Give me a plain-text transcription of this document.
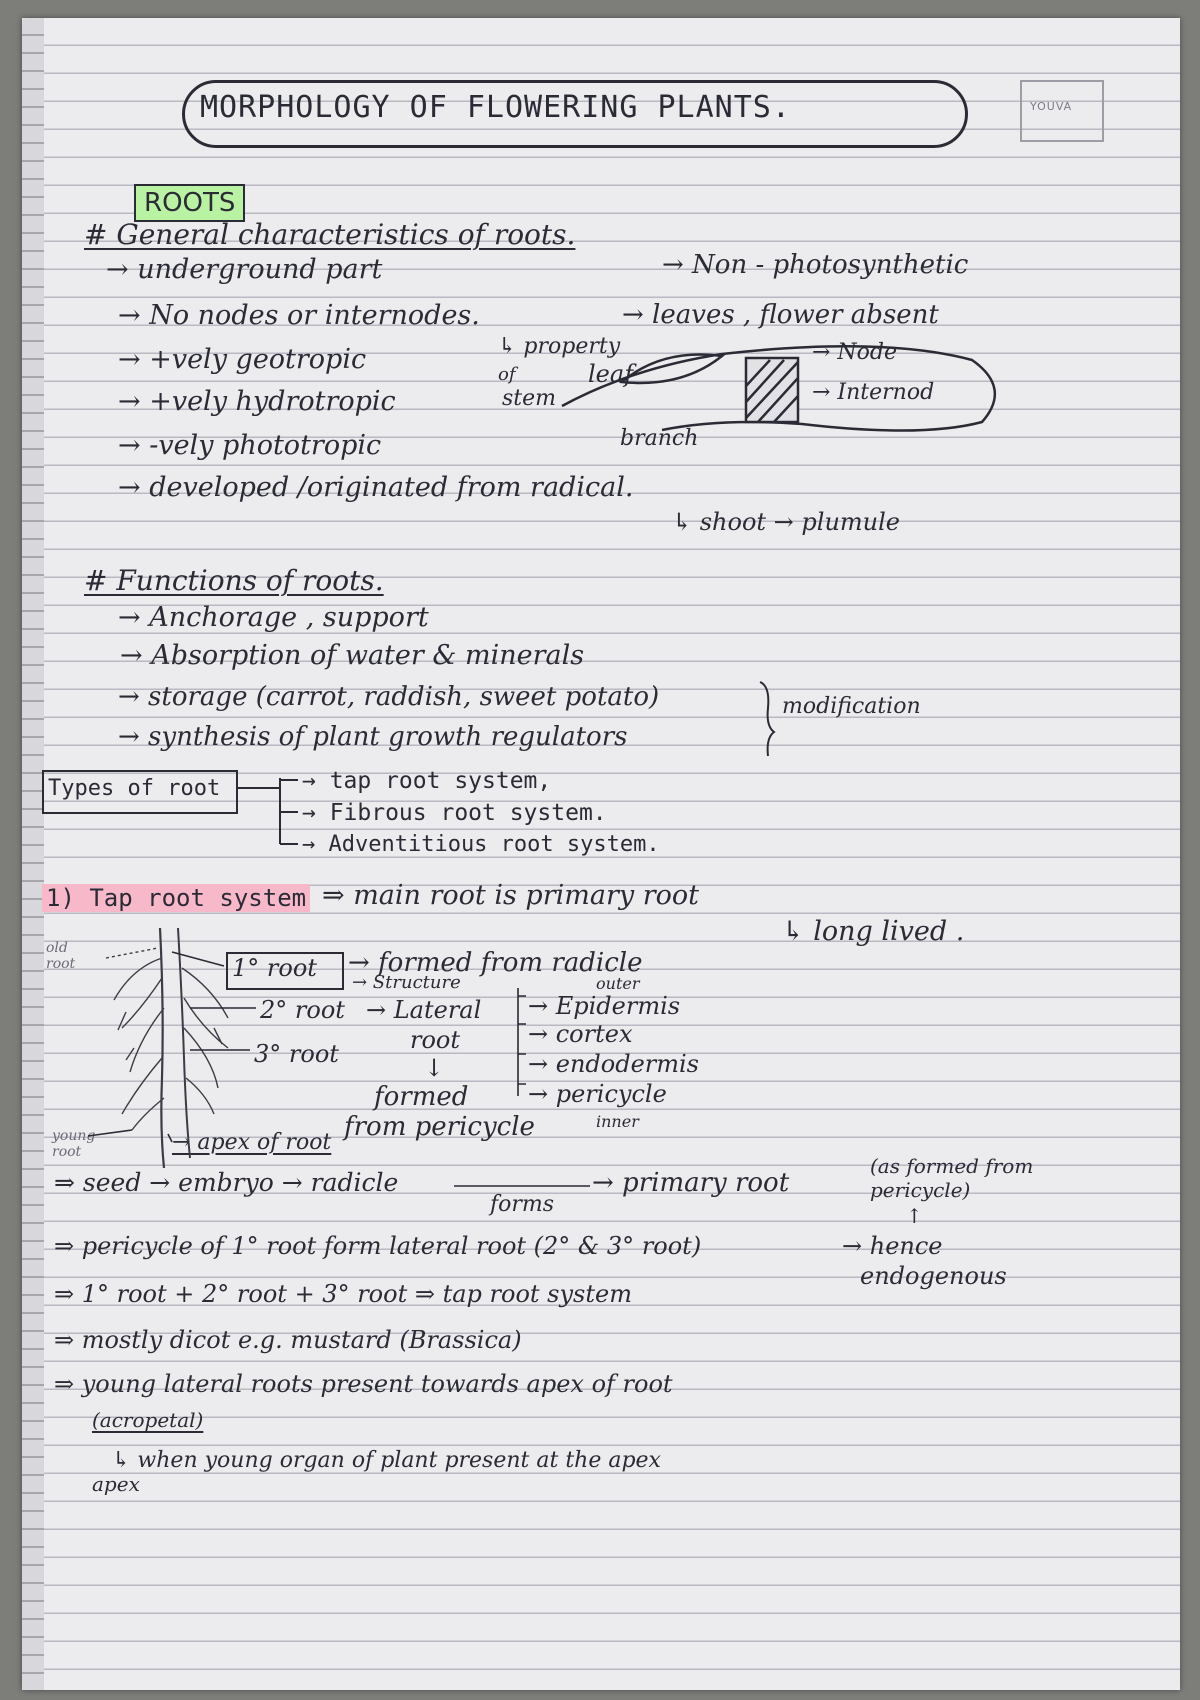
MORPHOLOGY OF FLOWERING PLANTS.	YOUVA
ROOTS
# General characteristics of roots.
→ underground part
→ No nodes or internodes.
→ +vely geotropic
→ +vely hydrotropic
→ -vely phototropic
→ developed /originated from radical.
→ Non - photosynthetic
→ leaves , flower absent
↳ property
of
stem
leaf
→ Node
→ Internod
branch
↳ shoot → plumule
# Functions of roots.
→ Anchorage , support
→ Absorption of water & minerals
→ storage (carrot, raddish, sweet potato)
→ synthesis of plant growth regulators
modification
Types of root	→ tap root system,
→ Fibrous root system.
→ Adventitious root system.
1) Tap root system ⇒ main root is primary root
↳ long lived .
old root
young root
1° root
2° root
3° root
→ formed from radicle
→ Structure
→ Lateral
root
↓
formed
from pericycle
outer
→ Epidermis
→ cortex
→ endodermis
→ pericycle
inner
→ apex of root
⇒ seed → embryo → radicle
forms
→ primary root
(as formed from pericycle)
↑
⇒ pericycle of 1° root form lateral root (2° & 3° root)	→ hence
endogenous
⇒ 1° root + 2° root + 3° root ⇒ tap root system
⇒ mostly dicot e.g. mustard (Brassica)
⇒ young lateral roots present towards apex of root
(acropetal)
↳ when young organ of plant present at the apex
apex
